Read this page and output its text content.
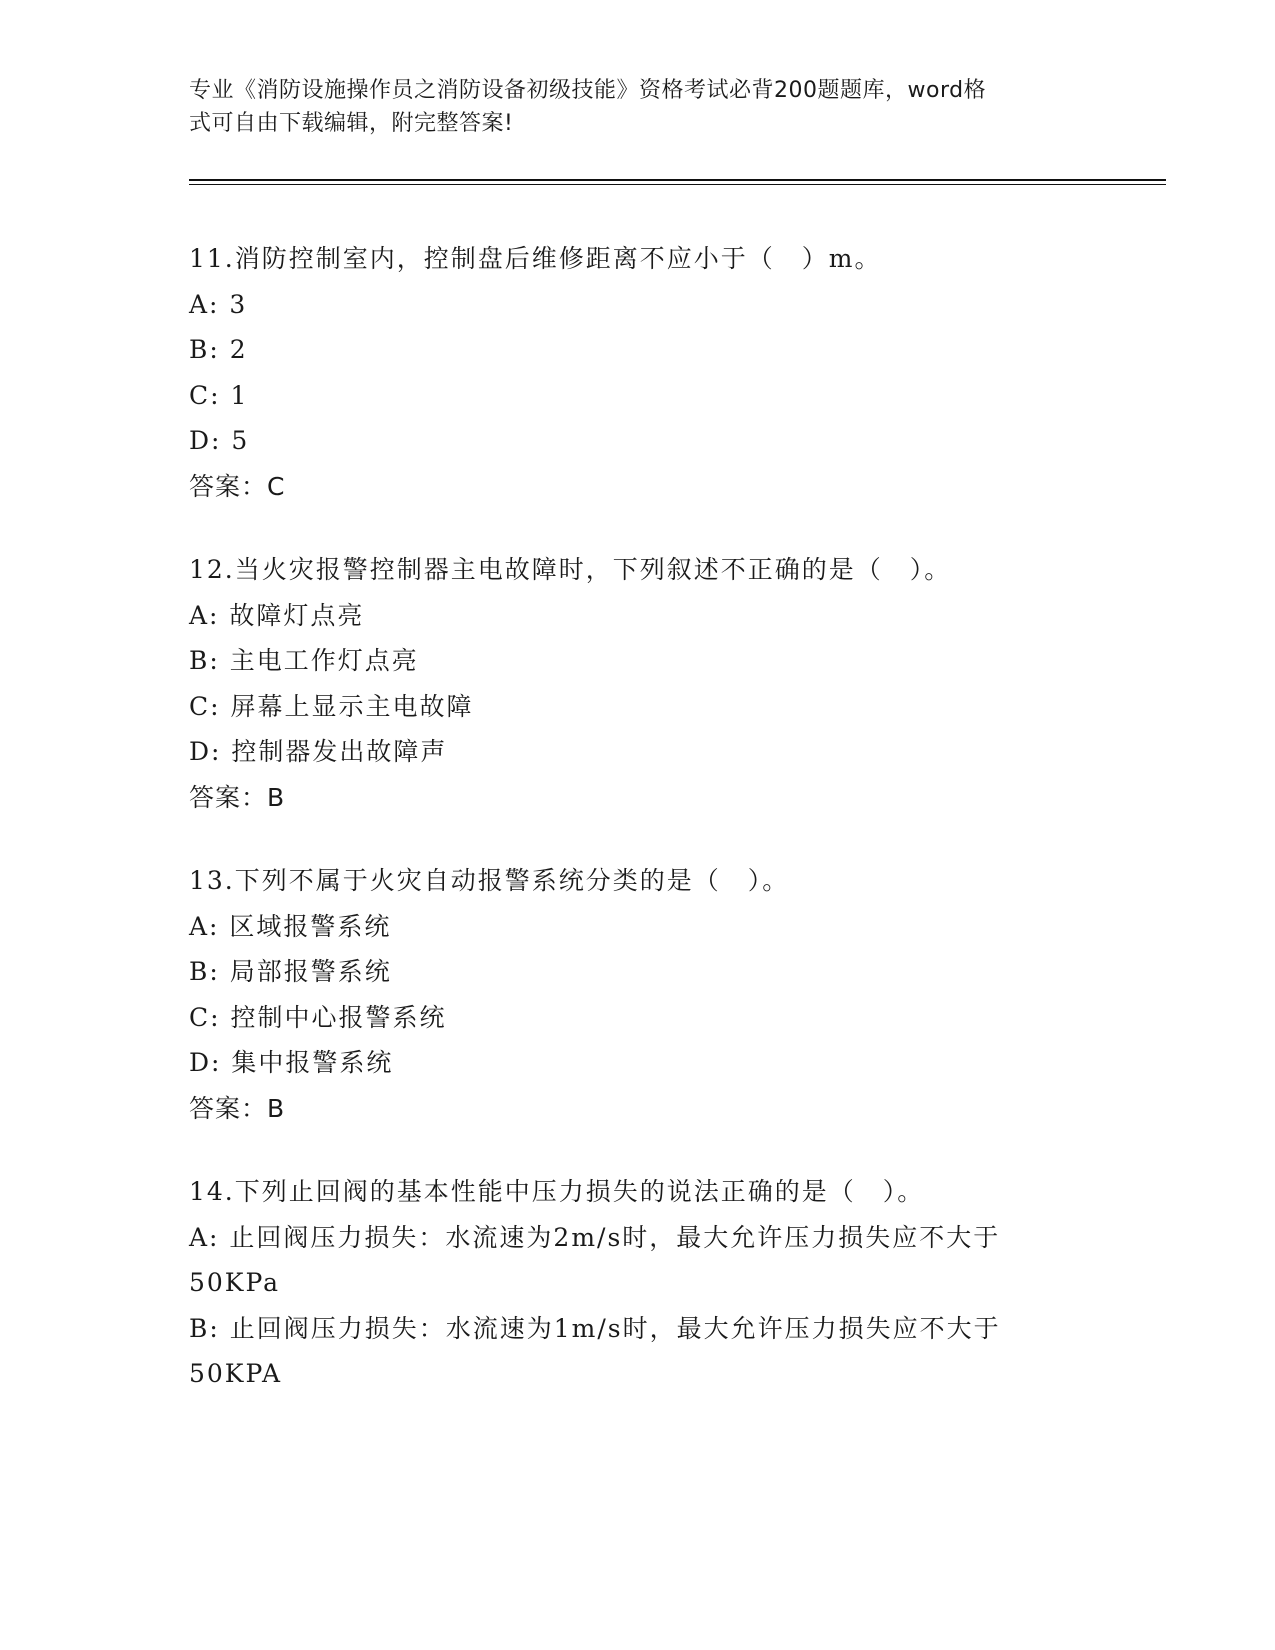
专业《消防设施操作员之消防设备初级技能》资格考试必背200题题库，word格
式可自由下载编辑，附完整答案!
11.消防控制室内，控制盘后维修距离不应小于（　）m。
A: 3
B: 2
C: 1
D: 5
答案：C
12.当火灾报警控制器主电故障时，下列叙述不正确的是（　）。
A: 故障灯点亮
B: 主电工作灯点亮
C: 屏幕上显示主电故障
D: 控制器发出故障声
答案：B
13.下列不属于火灾自动报警系统分类的是（　）。
A: 区域报警系统
B: 局部报警系统
C: 控制中心报警系统
D: 集中报警系统
答案：B
14.下列止回阀的基本性能中压力损失的说法正确的是（　）。
A: 止回阀压力损失：水流速为2m/s时，最大允许压力损失应不大于50KPa
B: 止回阀压力损失：水流速为1m/s时，最大允许压力损失应不大于50KPA
